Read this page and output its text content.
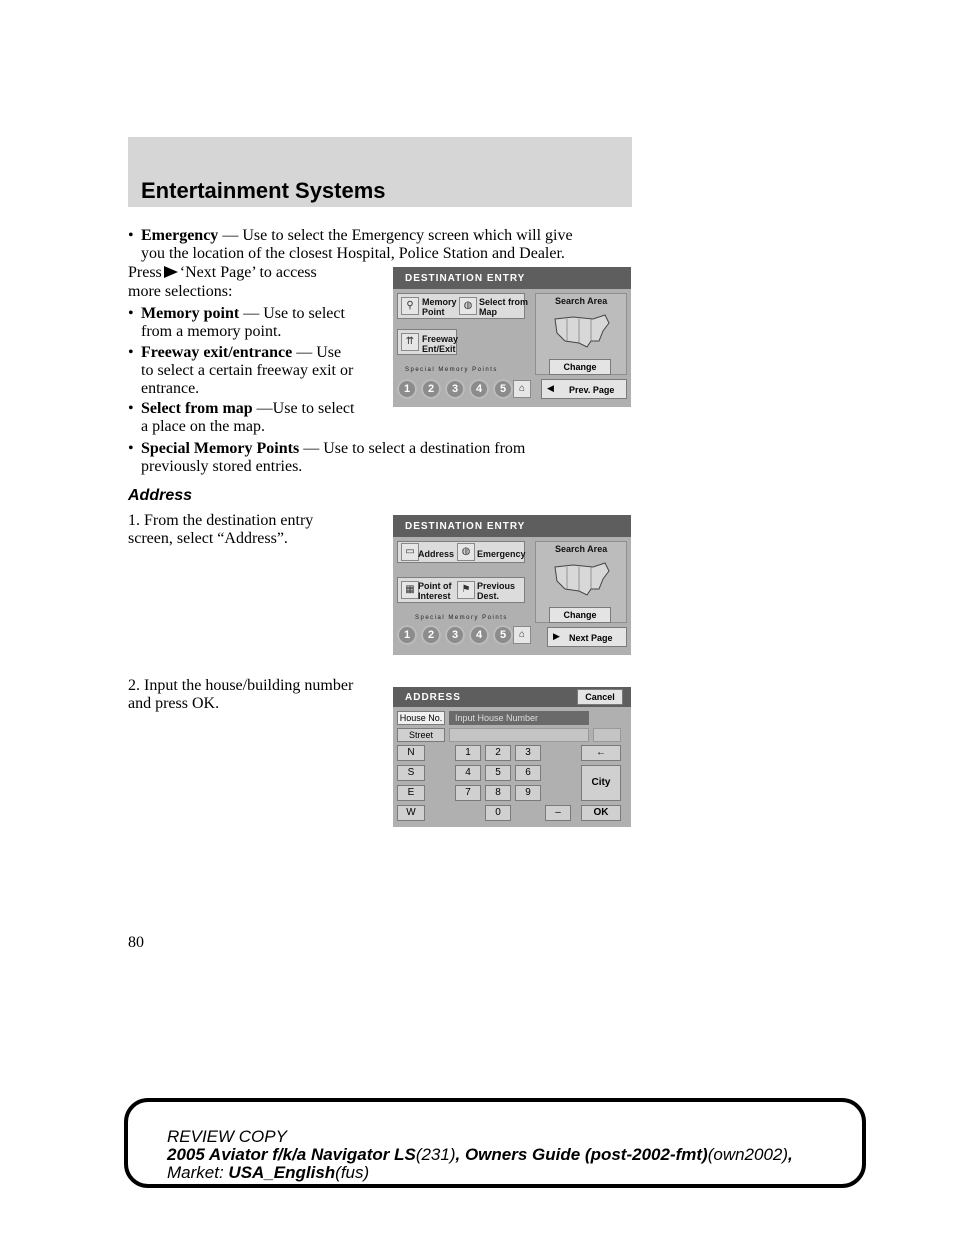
Entertainment Systems
• Emergency — Use to select the Emergency screen which will give
you the location of the closest Hospital, Police Station and Dealer.
Press ‘Next Page’ to access
more selections:
• Memory point — Use to select
from a memory point.
• Freeway exit/entrance — Use
to select a certain freeway exit or
entrance.
• Select from map —Use to select
a place on the map.
• Special Memory Points — Use to select a destination from
previously stored entries.
DESTINATION ENTRY
⚲ Memory
Point
◍ Select from
Map
⇈ Freeway
Ent/Exit
Special Memory Points
1	2	3	4	5	⌂
Search Area
Change
◀ Prev. Page
Address
1. From the destination entry
screen, select “Address”.
DESTINATION ENTRY
▭ Address ◍ Emergency
▦ Point of
Interest
⚑ Previous
Dest.
Special Memory Points
1	2	3	4	5	⌂
Search Area
Change
▶ Next Page
2. Input the house/building number
and press OK.	ADDRESS	Cancel
House No.	Input House Number
Street
N
S
E
W
1	2	3
4	5	6
7	8	9
0	–
←
City
OK
80
REVIEW COPY
2005 Aviator f/k/a Navigator LS(231), Owners Guide (post-2002-fmt)(own2002),
Market: USA_English(fus)
